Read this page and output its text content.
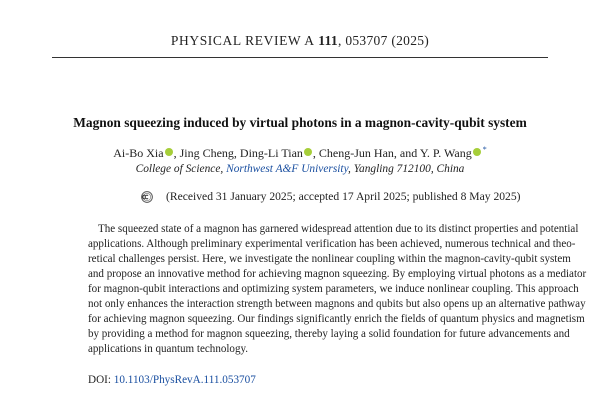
PHYSICAL REVIEW A 111, 053707 (2025)
Magnon squeezing induced by virtual photons in a magnon-cavity-qubit system
Ai-Bo Xia , Jing Cheng, Ding-Li Tian , Cheng-Jun Han, and Y. P. Wang *
College of Science, Northwest A&F University, Yangling 712100, China
(Received 31 January 2025; accepted 17 April 2025; published 8 May 2025)
The squeezed state of a magnon has garnered widespread attention due to its distinct properties and potential
applications. Although preliminary experimental verification has been achieved, numerous technical and theo-
retical challenges persist. Here, we investigate the nonlinear coupling within the magnon-cavity-qubit system
and propose an innovative method for achieving magnon squeezing. By employing virtual photons as a mediator
for magnon-qubit interactions and optimizing system parameters, we induce nonlinear coupling. This approach
not only enhances the interaction strength between magnons and qubits but also opens up an alternative pathway
for achieving magnon squeezing. Our findings significantly enrich the fields of quantum physics and magnetism
by providing a method for magnon squeezing, thereby laying a solid foundation for future advancements and
applications in quantum technology.
DOI: 10.1103/PhysRevA.111.053707
